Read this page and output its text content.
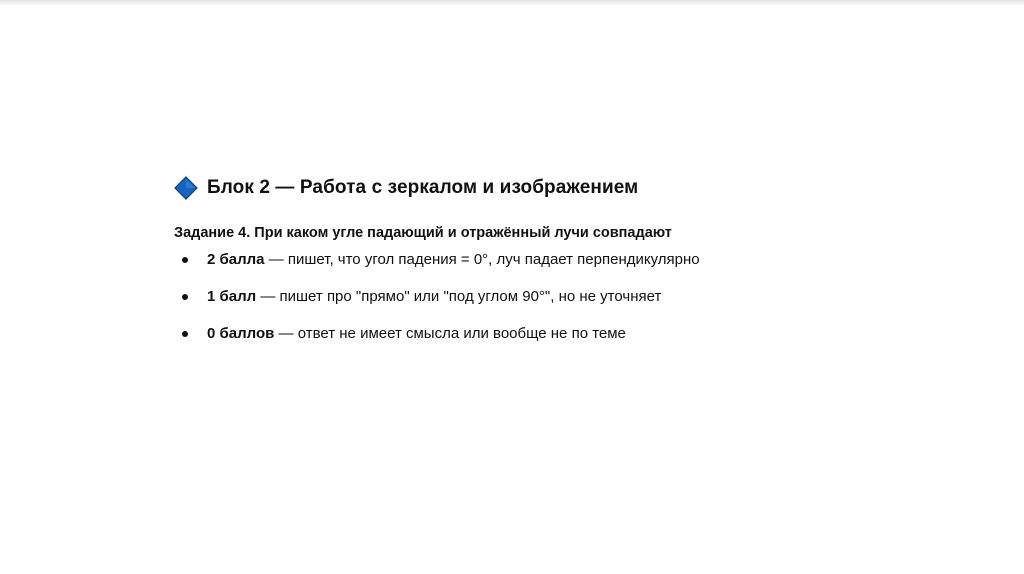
Блок 2 — Работа с зеркалом и изображением
Задание 4. При каком угле падающий и отражённый лучи совпадают
2 балла — пишет, что угол падения = 0°, луч падает перпендикулярно
1 балл — пишет про "прямо" или "под углом 90°", но не уточняет
0 баллов — ответ не имеет смысла или вообще не по теме
